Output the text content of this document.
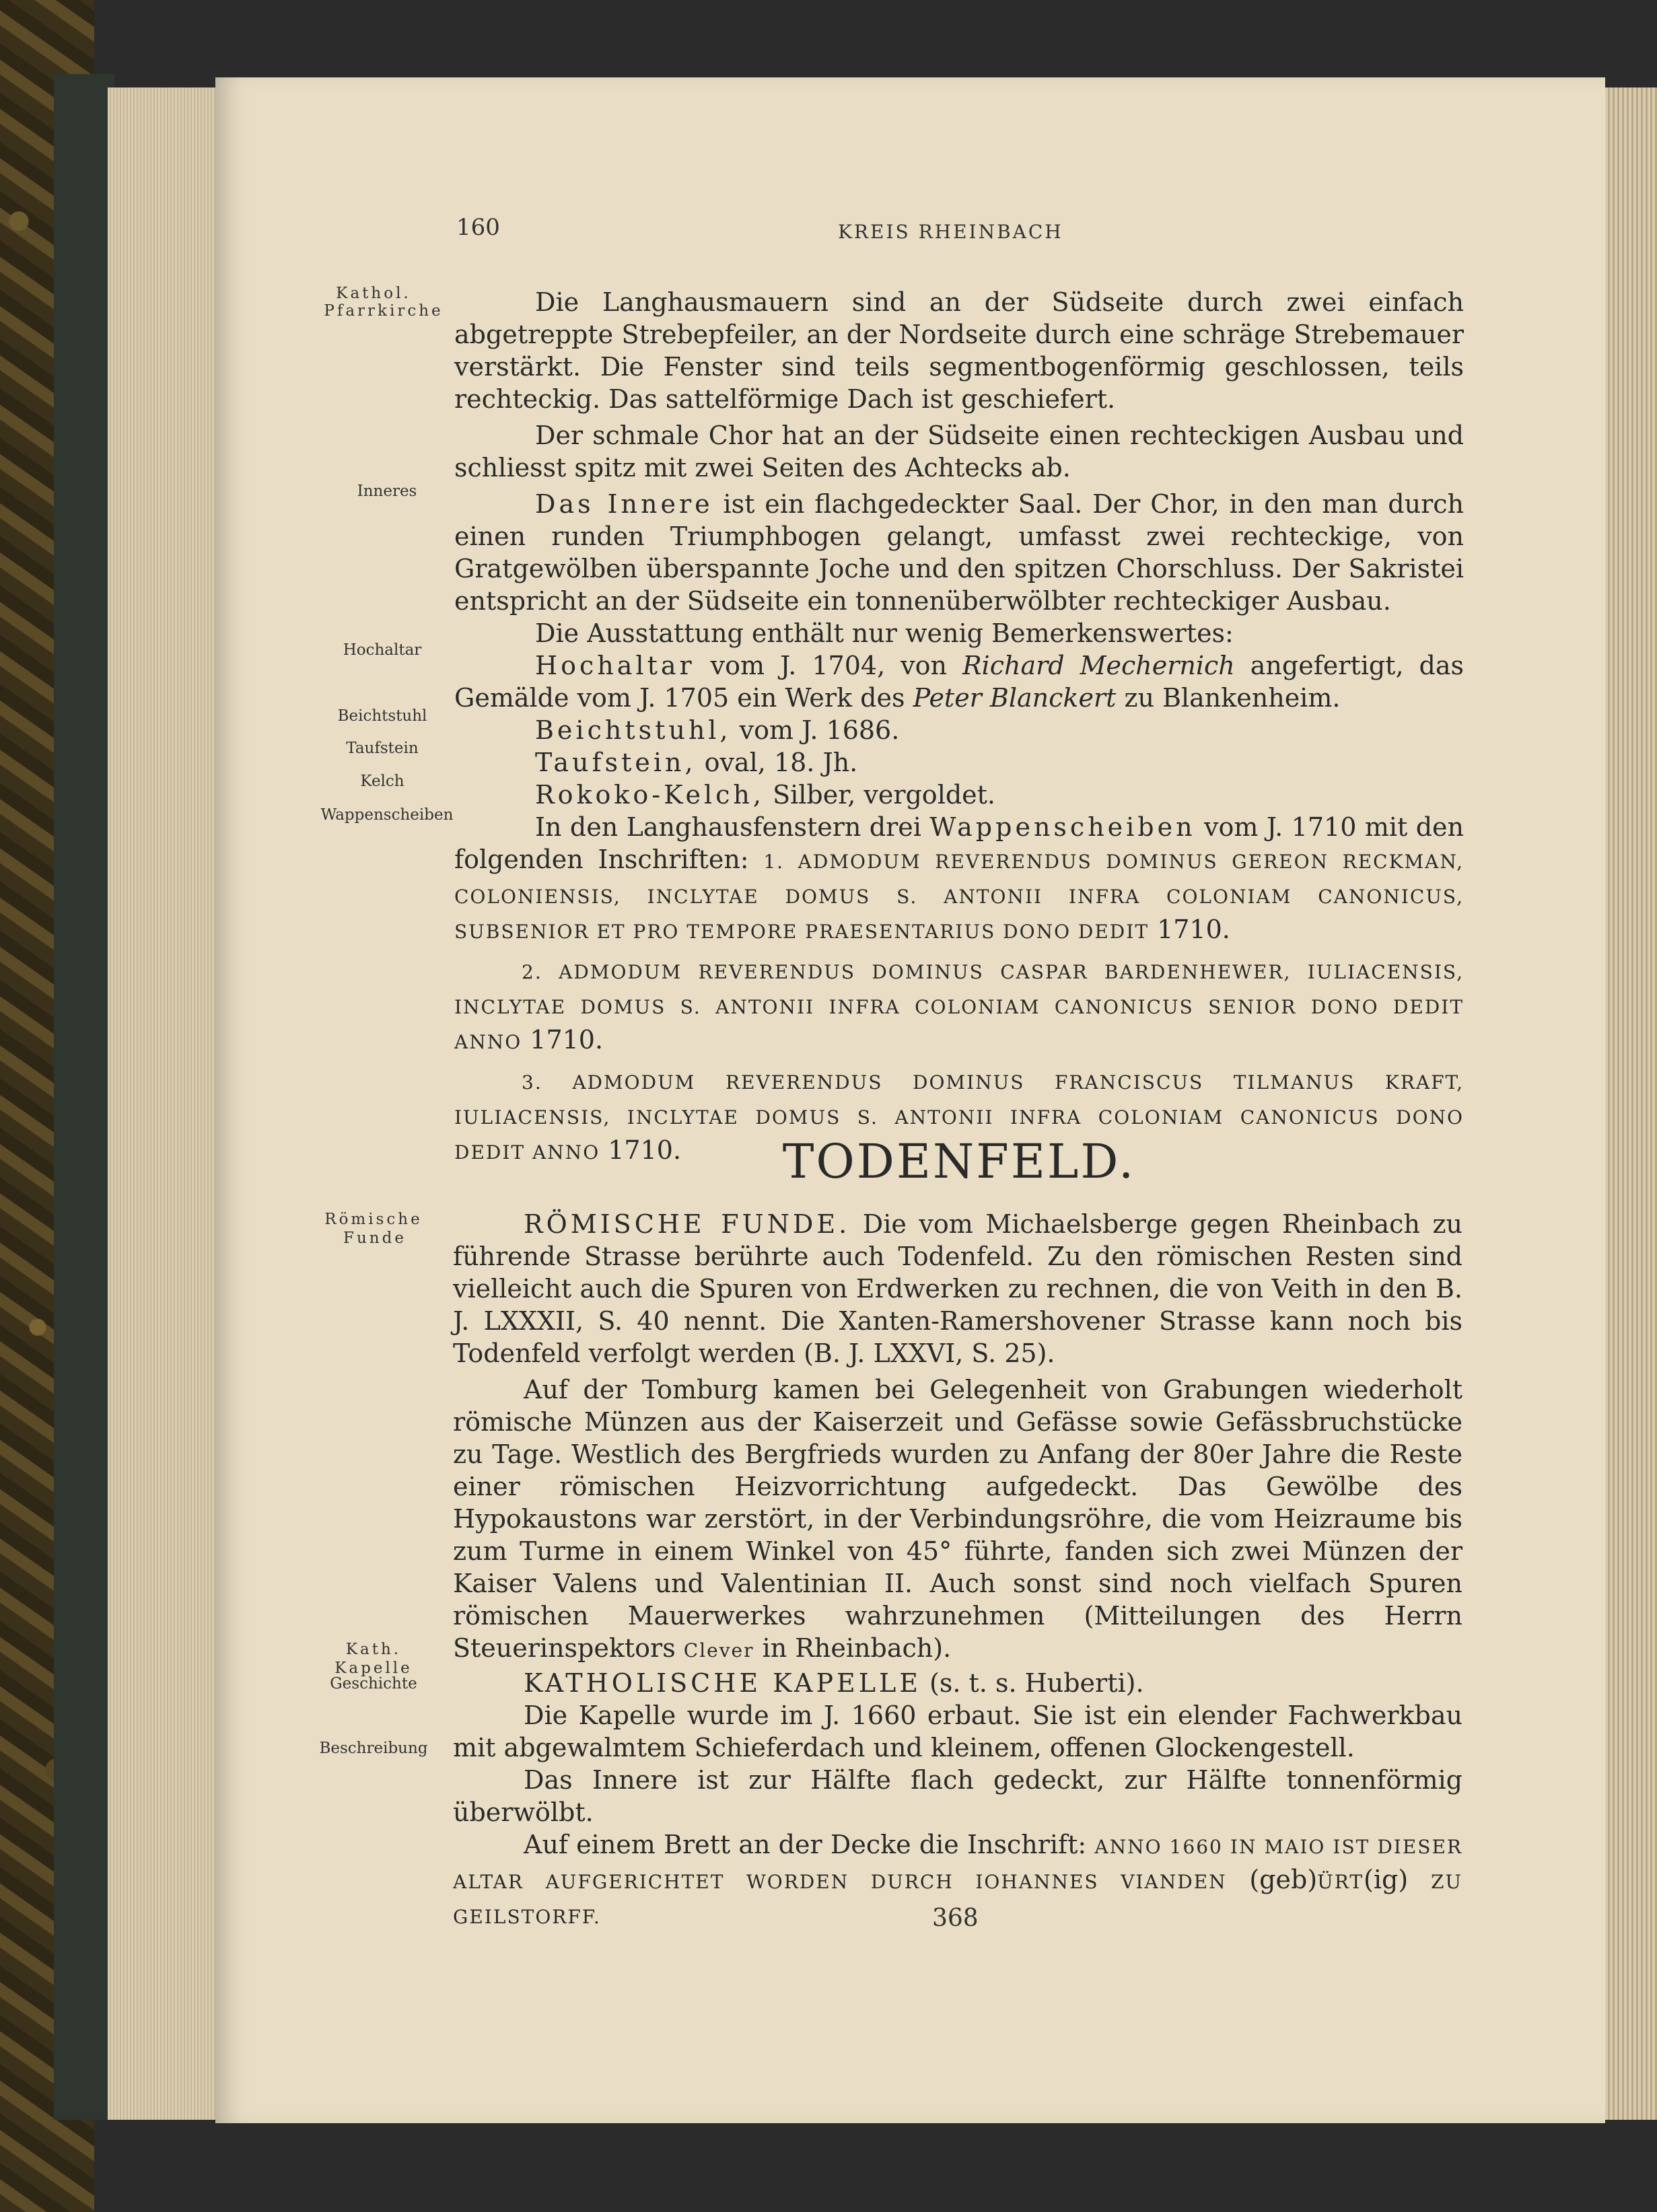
160	KREIS RHEINBACH
Kathol.
Pfarrkirche
Inneres
Hochaltar
Beichtstuhl
Taufstein
Kelch
Wappenscheiben
Römische
Funde
Kath. Kapelle
Geschichte
Beschreibung

Die Langhausmauern sind an der Südseite durch zwei einfach abgetreppte Strebepfeiler, an der Nordseite durch eine schräge Strebemauer verstärkt. Die Fenster sind teils segmentbogenförmig geschlossen, teils rechteckig. Das sattelförmige Dach ist geschiefert.

Der schmale Chor hat an der Südseite einen rechteckigen Ausbau und schliesst spitz mit zwei Seiten des Achtecks ab.

Das Innere ist ein flachgedeckter Saal. Der Chor, in den man durch einen runden Triumphbogen gelangt, umfasst zwei rechteckige, von Gratgewölben überspannte Joche und den spitzen Chorschluss. Der Sakristei entspricht an der Südseite ein tonnenüberwölbter rechteckiger Ausbau.

Die Ausstattung enthält nur wenig Bemerkenswertes:

Hochaltar vom J. 1704, von Richard Mechernich angefertigt, das Gemälde vom J. 1705 ein Werk des Peter Blanckert zu Blankenheim.

Beichtstuhl, vom J. 1686.

Taufstein, oval, 18. Jh.

Rokoko-Kelch, Silber, vergoldet.

In den Langhausfenstern drei Wappenscheiben vom J. 1710 mit den folgenden Inschriften: 1. ADMODUM REVERENDUS DOMINUS GEREON RECKMAN, COLONIENSIS, INCLYTAE DOMUS S. ANTONII INFRA COLONIAM CANONICUS, SUBSENIOR ET PRO TEMPORE PRAESENTARIUS DONO DEDIT 1710.

2. ADMODUM REVERENDUS DOMINUS CASPAR BARDENHEWER, IULIACENSIS, INCLYTAE DOMUS S. ANTONII INFRA COLONIAM CANONICUS SENIOR DONO DEDIT ANNO 1710.

3. ADMODUM REVERENDUS DOMINUS FRANCISCUS TILMANUS KRAFT, IULIACENSIS, INCLYTAE DOMUS S. ANTONII INFRA COLONIAM CANONICUS DONO DEDIT ANNO 1710.	TODENFELD.

RÖMISCHE FUNDE. Die vom Michaelsberge gegen Rheinbach zu führende Strasse berührte auch Todenfeld. Zu den römischen Resten sind vielleicht auch die Spuren von Erdwerken zu rechnen, die von Veith in den B. J. LXXXII, S. 40 nennt. Die Xanten-Ramershovener Strasse kann noch bis Todenfeld verfolgt werden (B. J. LXXVI, S. 25).

Auf der Tomburg kamen bei Gelegenheit von Grabungen wiederholt römische Münzen aus der Kaiserzeit und Gefässe sowie Gefässbruchstücke zu Tage. Westlich des Bergfrieds wurden zu Anfang der 80er Jahre die Reste einer römischen Heizvorrichtung aufgedeckt. Das Gewölbe des Hypokaustons war zerstört, in der Verbindungsröhre, die vom Heizraume bis zum Turme in einem Winkel von 45° führte, fanden sich zwei Münzen der Kaiser Valens und Valentinian II. Auch sonst sind noch vielfach Spuren römischen Mauerwerkes wahrzunehmen (Mitteilungen des Herrn Steuerinspektors Clever in Rheinbach).

KATHOLISCHE KAPELLE (s. t. s. Huberti).

Die Kapelle wurde im J. 1660 erbaut. Sie ist ein elender Fachwerkbau mit abgewalmtem Schieferdach und kleinem, offenen Glockengestell.

Das Innere ist zur Hälfte flach gedeckt, zur Hälfte tonnenförmig überwölbt.

Auf einem Brett an der Decke die Inschrift: ANNO 1660 IN MAIO IST DIESER ALTAR AUFGERICHTET WORDEN DURCH IOHANNES VIANDEN (geb)ÜRT(ig) ZU GEILSTORFF.	368
